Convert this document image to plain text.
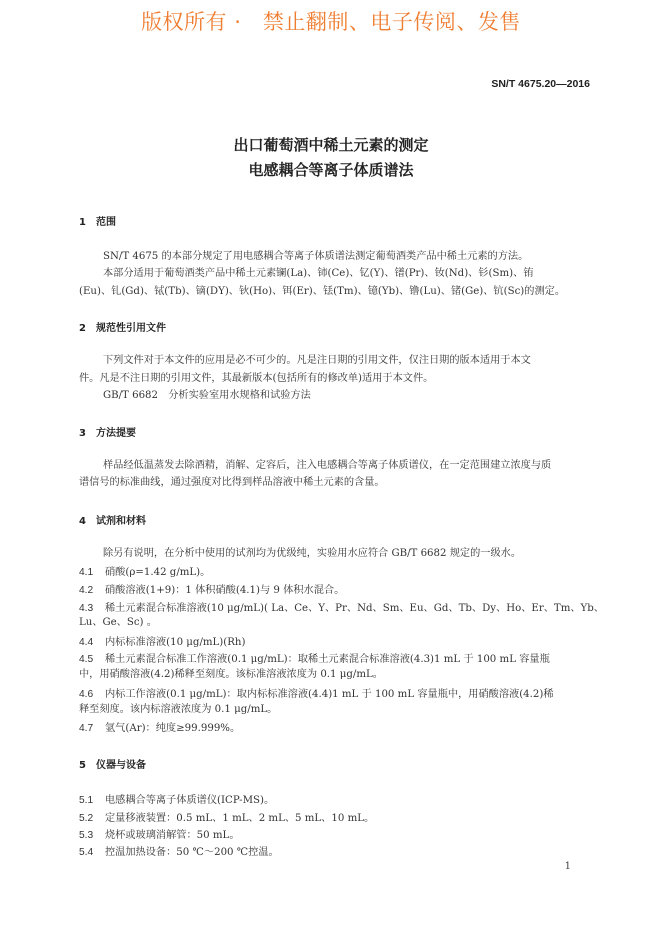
版权所有 ·　禁止翻制、电子传阅、发售
SN/T 4675.20—2016
出口葡萄酒中稀土元素的测定
电感耦合等离子体质谱法
1 范围
SN/T 4675 的本部分规定了用电感耦合等离子体质谱法测定葡萄酒类产品中稀土元素的方法。
本部分适用于葡萄酒类产品中稀土元素镧(La)、铈(Ce)、钇(Y)、镨(Pr)、钕(Nd)、钐(Sm)、铕
(Eu)、钆(Gd)、铽(Tb)、镝(DY)、钬(Ho)、铒(Er)、铥(Tm)、镱(Yb)、镥(Lu)、锗(Ge)、钪(Sc)的测定。
2 规范性引用文件
下列文件对于本文件的应用是必不可少的。凡是注日期的引用文件，仅注日期的版本适用于本文
件。凡是不注日期的引用文件，其最新版本(包括所有的修改单)适用于本文件。
GB/T 6682　分析实验室用水规格和试验方法
3 方法提要
样品经低温蒸发去除酒精，消解、定容后，注入电感耦合等离子体质谱仪，在一定范围建立浓度与质
谱信号的标准曲线，通过强度对比得到样品溶液中稀土元素的含量。
4 试剂和材料
除另有说明，在分析中使用的试剂均为优级纯，实验用水应符合 GB/T 6682 规定的一级水。
4.1 硝酸(ρ=1.42 g/mL)。
4.2 硝酸溶液(1+9)：1 体积硝酸(4.1)与 9 体积水混合。
4.3 稀土元素混合标准溶液(10 μg/mL)( La、Ce、Y、Pr、Nd、Sm、Eu、Gd、Tb、Dy、Ho、Er、Tm、Yb、
Lu、Ge、Sc) 。
4.4 内标标准溶液(10 μg/mL)(Rh)
4.5 稀土元素混合标准工作溶液(0.1 μg/mL)：取稀土元素混合标准溶液(4.3)1 mL 于 100 mL 容量瓶
中，用硝酸溶液(4.2)稀释至刻度。该标准溶液浓度为 0.1 μg/mL。
4.6 内标工作溶液(0.1 μg/mL)：取内标标准溶液(4.4)1 mL 于 100 mL 容量瓶中，用硝酸溶液(4.2)稀
释至刻度。该内标溶液浓度为 0.1 μg/mL。
4.7 氩气(Ar)：纯度≥99.999%。
5 仪器与设备
5.1 电感耦合等离子体质谱仪(ICP-MS)。
5.2 定量移液装置：0.5 mL、1 mL、2 mL、5 mL、10 mL。
5.3 烧杯或玻璃消解管：50 mL。
5.4 控温加热设备：50 ℃～200 ℃控温。
1
